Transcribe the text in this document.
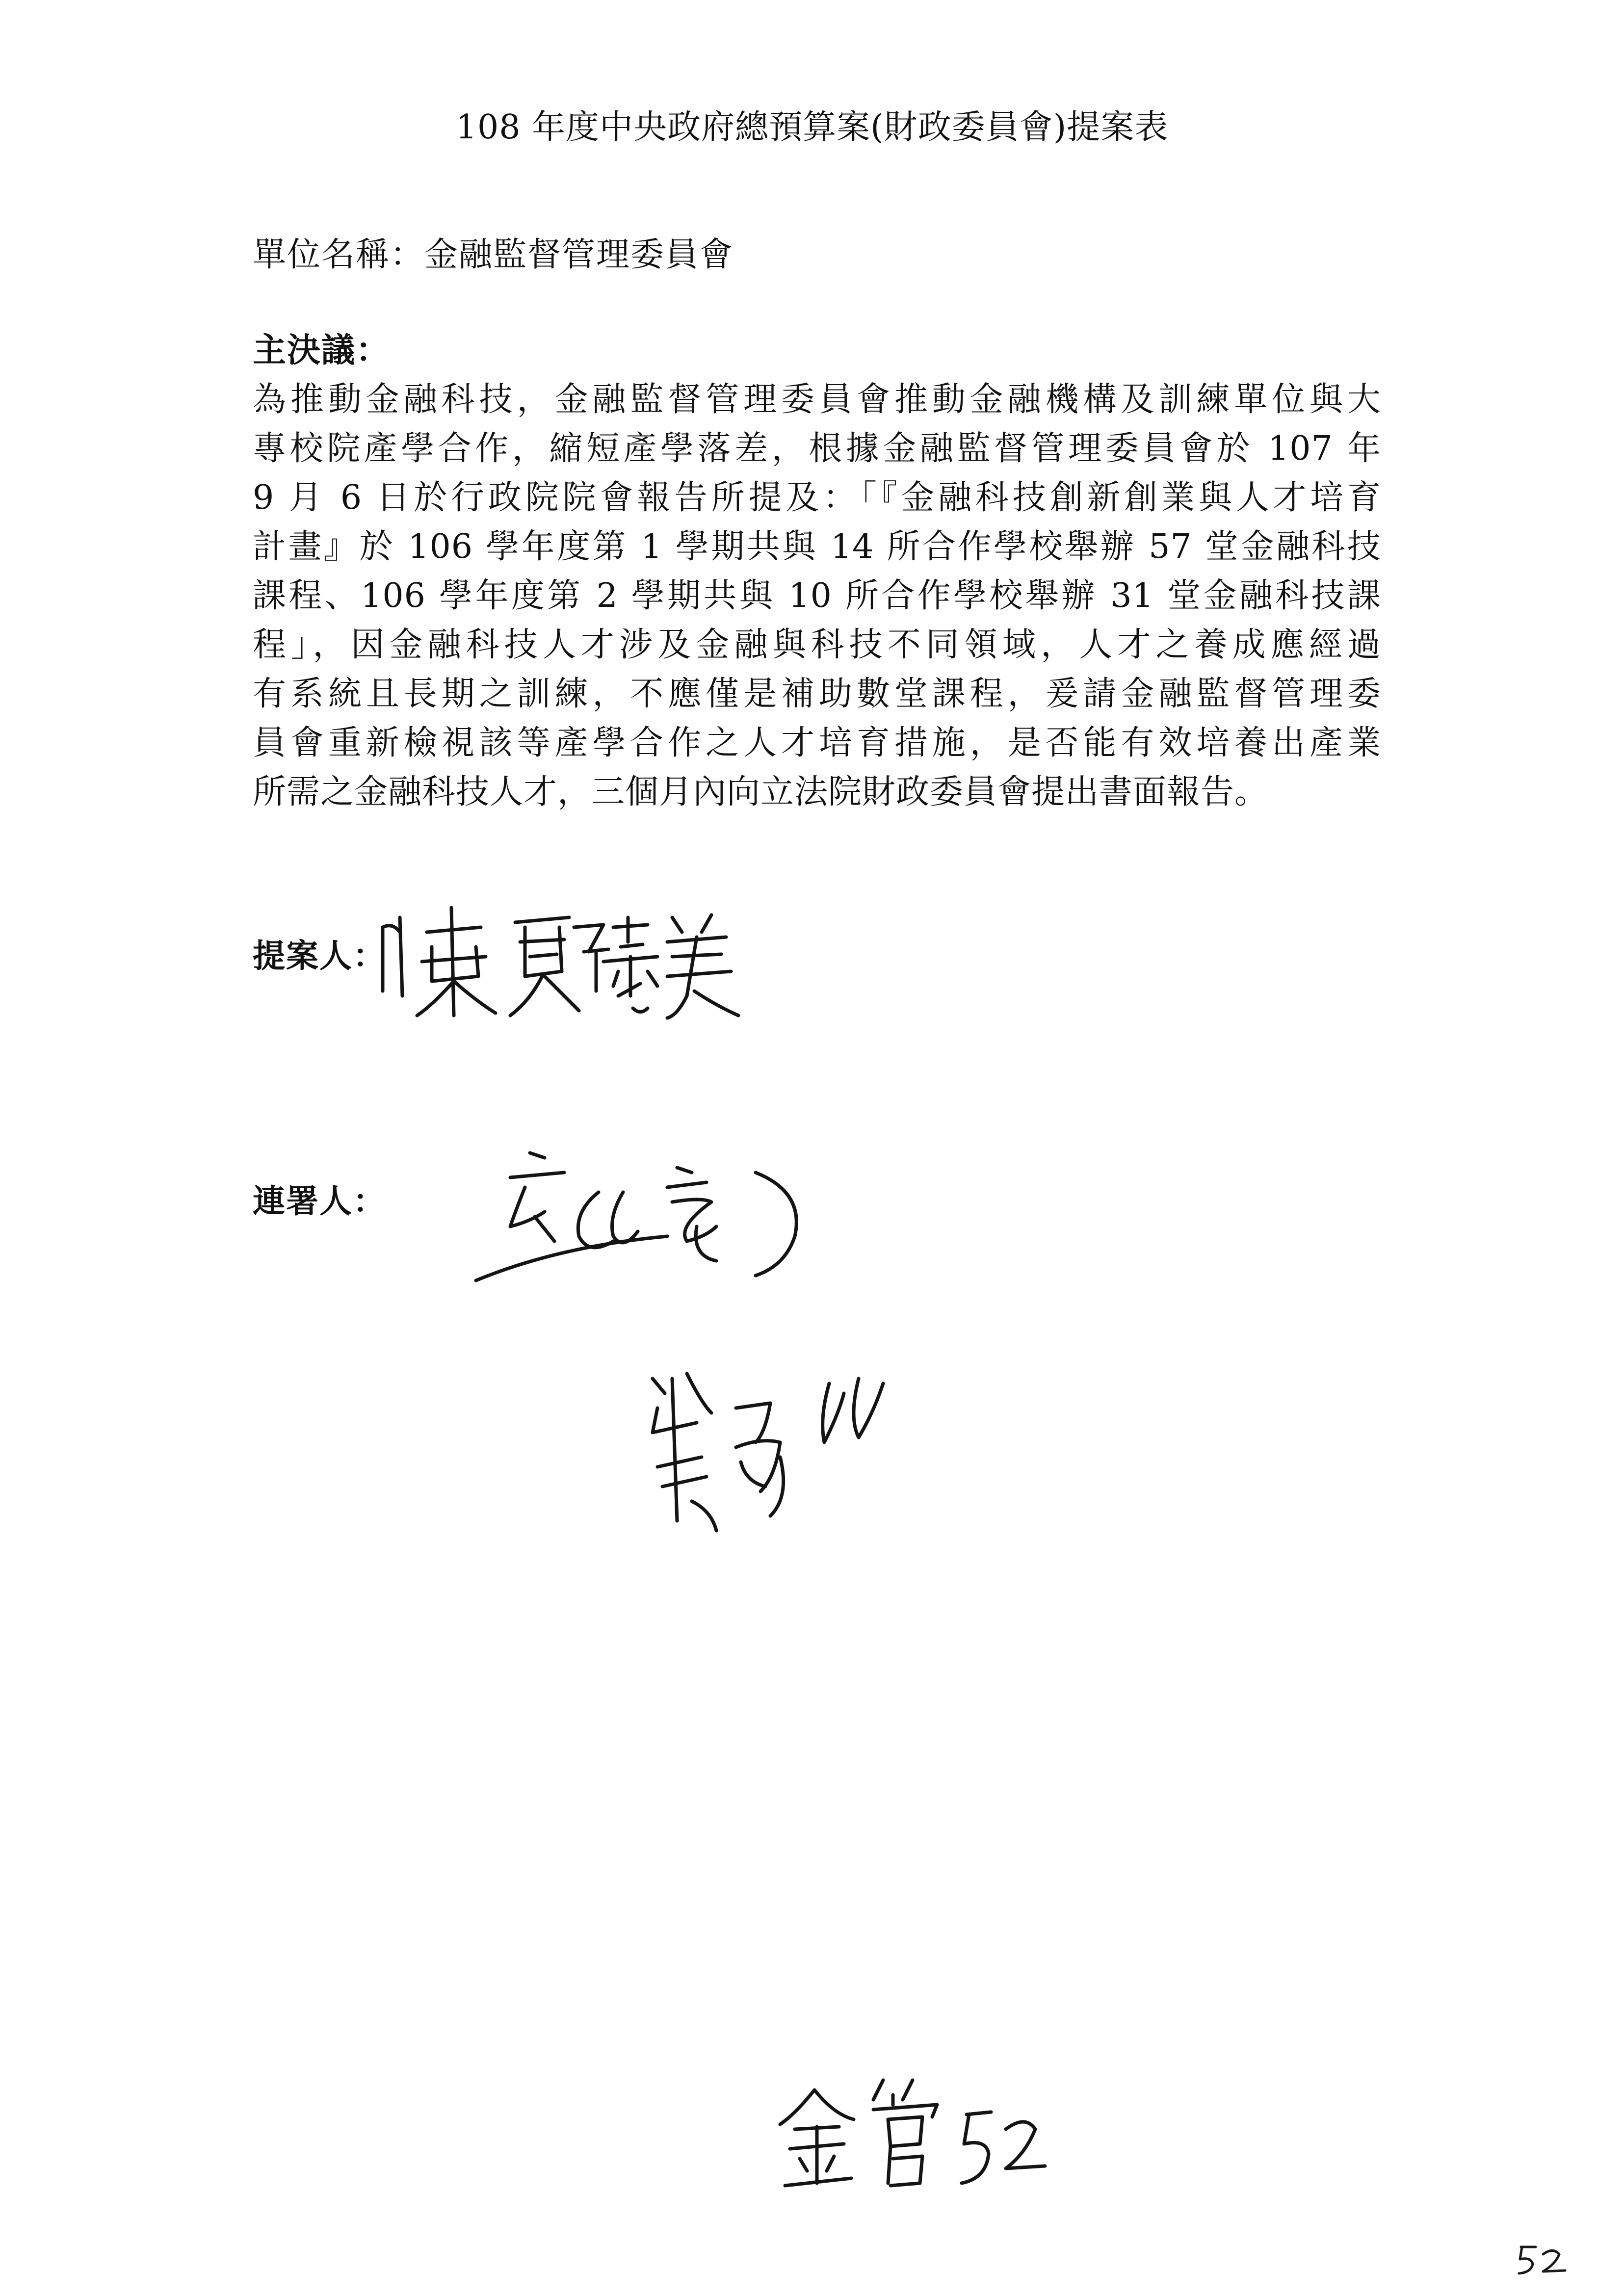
108 年度中央政府總預算案(財政委員會)提案表
單位名稱：金融監督管理委員會
主決議：
為推動金融科技，金融監督管理委員會推動金融機構及訓練單位與大
專校院產學合作，縮短產學落差，根據金融監督管理委員會於 107 年
9 月 6 日於行政院院會報告所提及：「『金融科技創新創業與人才培育
計畫』於 106 學年度第 1 學期共與 14 所合作學校舉辦 57 堂金融科技
課程、106 學年度第 2 學期共與 10 所合作學校舉辦 31 堂金融科技課
程」，因金融科技人才涉及金融與科技不同領域，人才之養成應經過
有系統且長期之訓練，不應僅是補助數堂課程，爰請金融監督管理委
員會重新檢視該等產學合作之人才培育措施，是否能有效培養出產業
所需之金融科技人才，三個月內向立法院財政委員會提出書面報告。
提案人：
連署人：
